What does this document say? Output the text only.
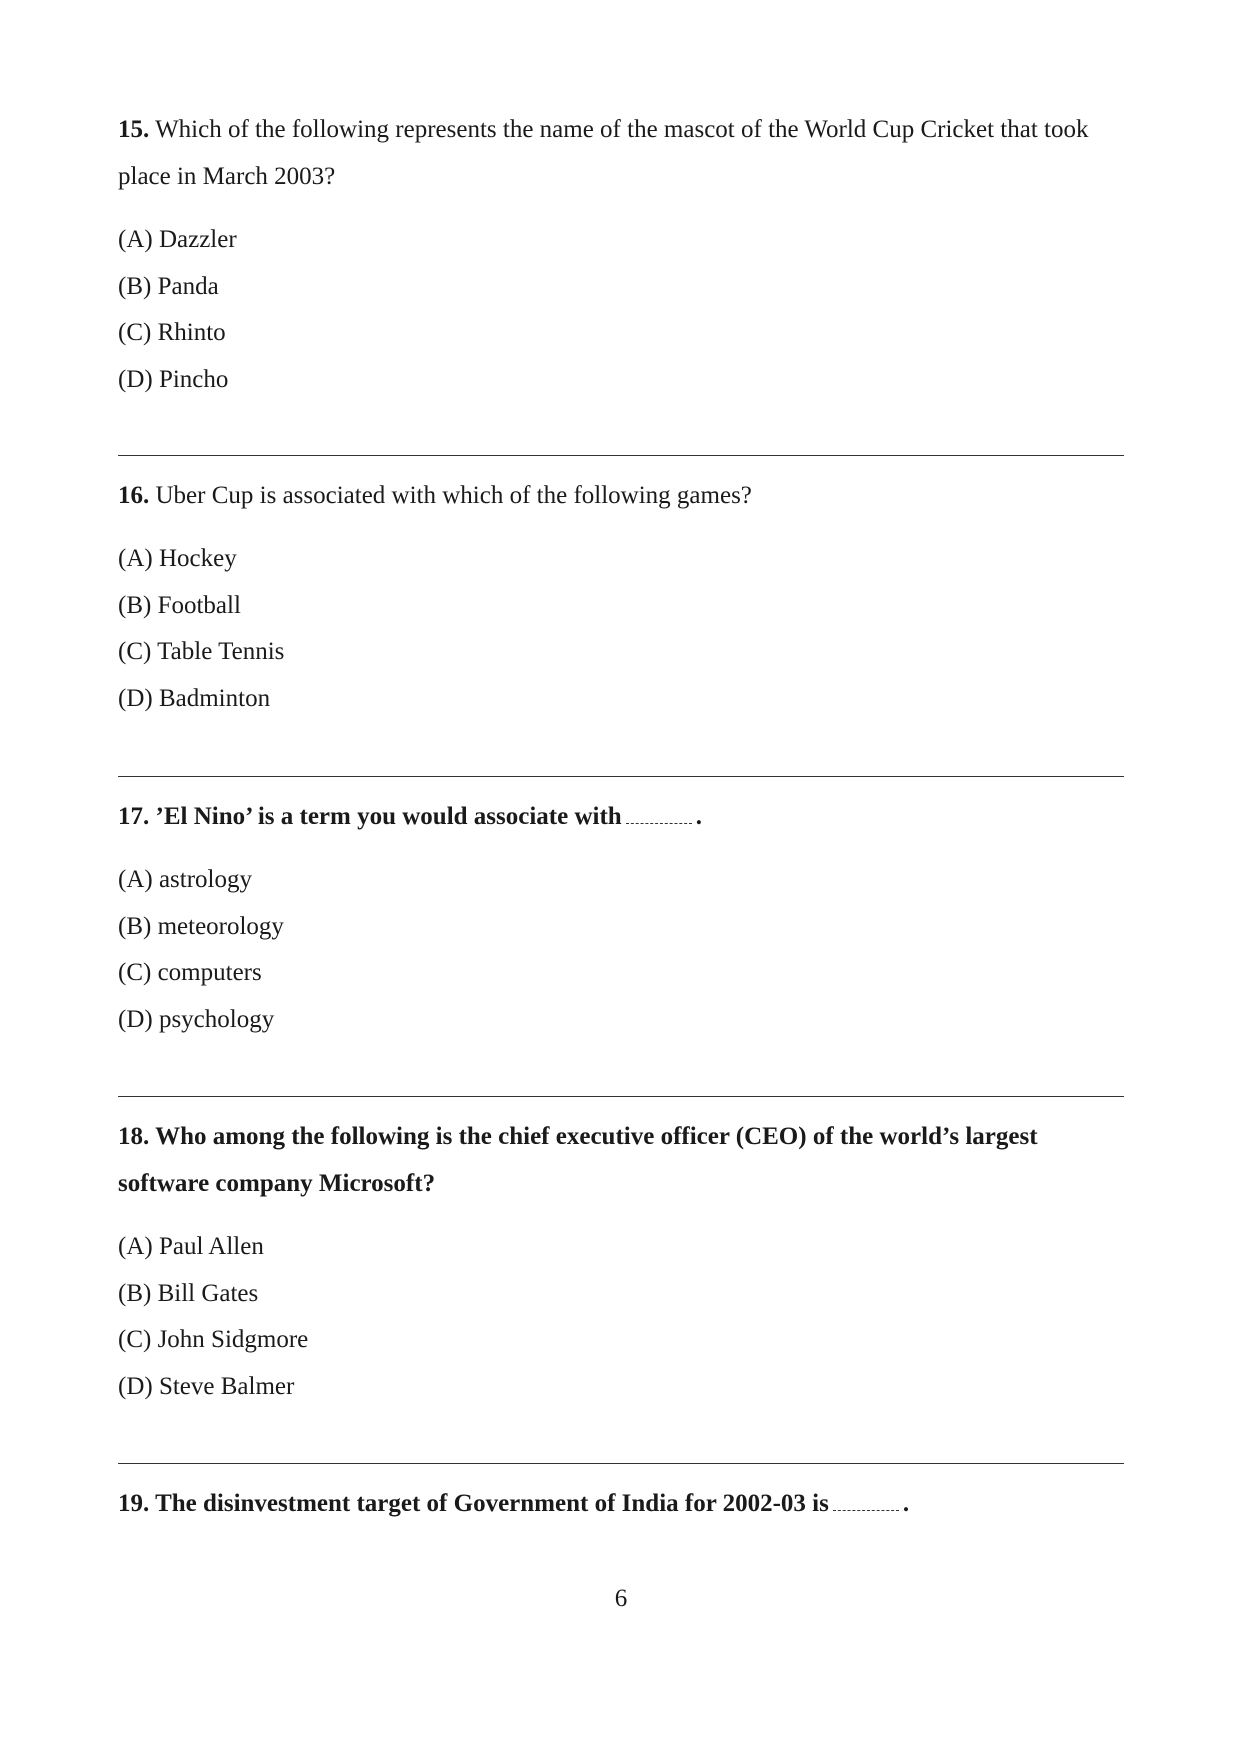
15. Which of the following represents the name of the mascot of the World Cup Cricket that took place in March 2003?

(A) Dazzler
(B) Panda
(C) Rhinto
(D) Pincho

16. Uber Cup is associated with which of the following games?

(A) Hockey
(B) Football
(C) Table Tennis
(D) Badminton

17. ’El Nino’ is a term you would associate with	.

(A) astrology
(B) meteorology
(C) computers
(D) psychology

18. Who among the following is the chief executive officer (CEO) of the world’s largest software company Microsoft?

(A) Paul Allen
(B) Bill Gates
(C) John Sidgmore
(D) Steve Balmer

19. The disinvestment target of Government of India for 2002-03 is	.

6
